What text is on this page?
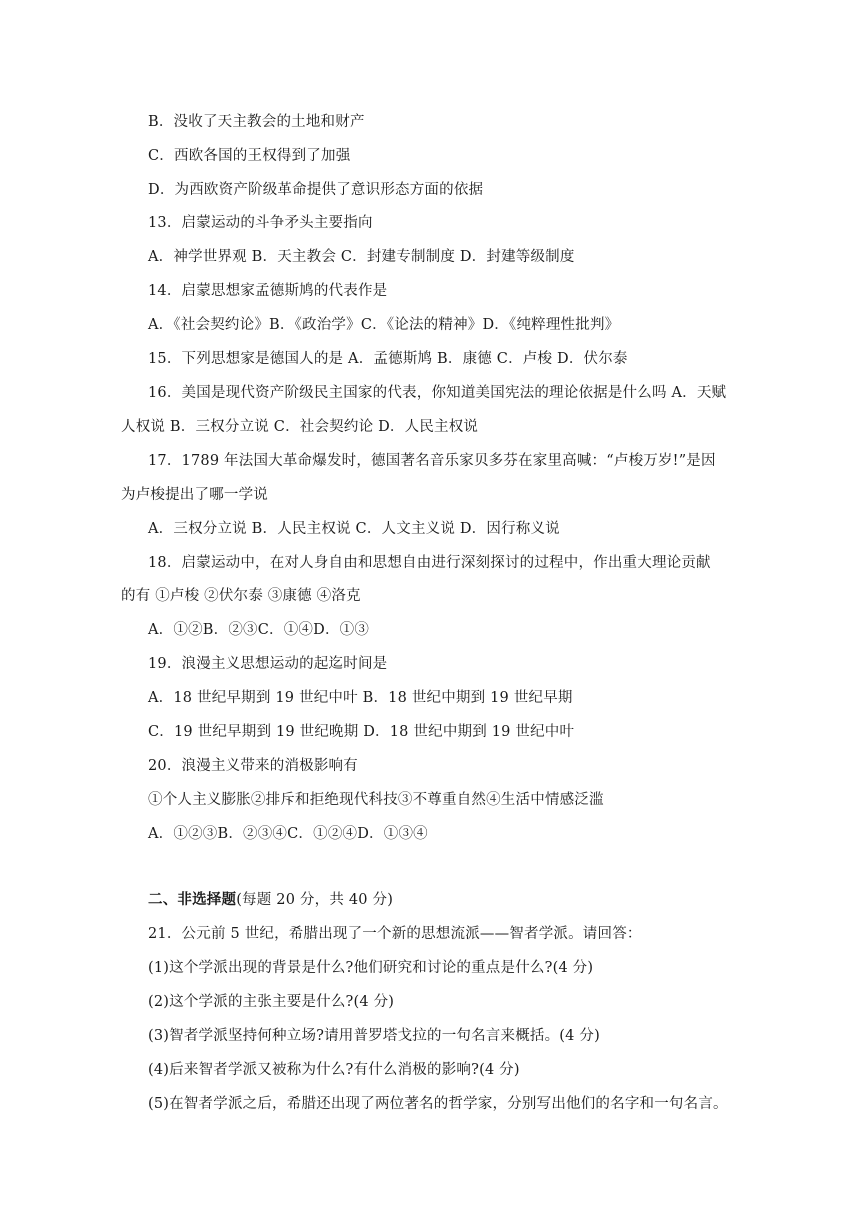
B．没收了天主教会的土地和财产
C．西欧各国的王权得到了加强
D．为西欧资产阶级革命提供了意识形态方面的依据
13．启蒙运动的斗争矛头主要指向
A．神学世界观 B．天主教会 C．封建专制制度 D．封建等级制度
14．启蒙思想家孟德斯鸠的代表作是
A．《社会契约论》B．《政治学》C．《论法的精神》D．《纯粹理性批判》
15．下列思想家是德国人的是 A．孟德斯鸠 B．康德 C．卢梭 D．伏尔泰
16．美国是现代资产阶级民主国家的代表，你知道美国宪法的理论依据是什么吗 A．天赋
人权说 B．三权分立说 C．社会契约论 D．人民主权说
17．1789 年法国大革命爆发时，德国著名音乐家贝多芬在家里高喊：“卢梭万岁!”是因
为卢梭提出了哪一学说
A．三权分立说 B．人民主权说 C．人文主义说 D．因行称义说
18．启蒙运动中，在对人身自由和思想自由进行深刻探讨的过程中，作出重大理论贡献
的有 ①卢梭 ②伏尔泰 ③康德 ④洛克
A．①②B．②③C．①④D．①③
19．浪漫主义思想运动的起迄时间是
A．18 世纪早期到 19 世纪中叶 B．18 世纪中期到 19 世纪早期
C．19 世纪早期到 19 世纪晚期 D．18 世纪中期到 19 世纪中叶
20．浪漫主义带来的消极影响有
①个人主义膨胀②排斥和拒绝现代科技③不尊重自然④生活中情感泛滥
A．①②③B．②③④C．①②④D．①③④
二、非选择题(每题 20 分，共 40 分)
21．公元前 5 世纪，希腊出现了一个新的思想流派——智者学派。请回答：
(1)这个学派出现的背景是什么?他们研究和讨论的重点是什么?(4 分)
(2)这个学派的主张主要是什么?(4 分)
(3)智者学派坚持何种立场?请用普罗塔戈拉的一句名言来概括。(4 分)
(4)后来智者学派又被称为什么?有什么消极的影响?(4 分)
(5)在智者学派之后，希腊还出现了两位著名的哲学家，分别写出他们的名字和一句名言。
